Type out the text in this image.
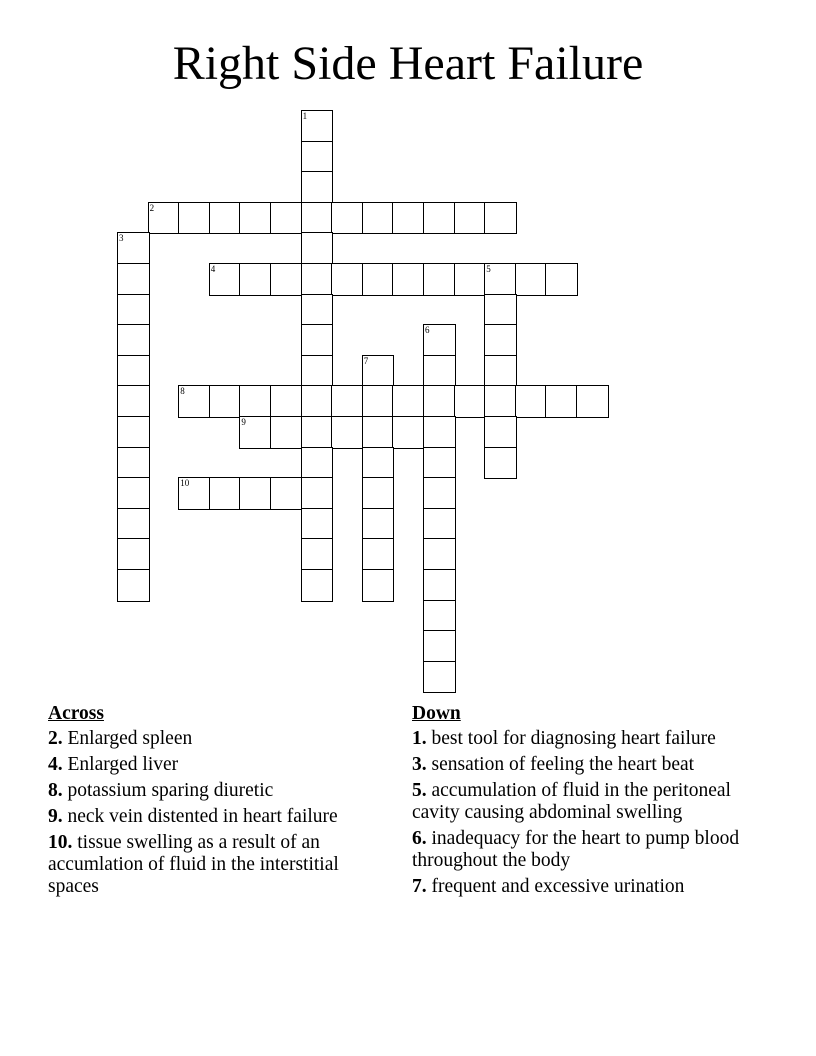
Right Side Heart Failure
1
2
3
4	5
6
7
8
9
10
Across
2. Enlarged spleen
4. Enlarged liver
8. potassium sparing diuretic
9. neck vein distented in heart failure
10. tissue swelling as a result of an accumlation of fluid in the interstitial spaces
Down
1. best tool for diagnosing heart failure
3. sensation of feeling the heart beat
5. accumulation of fluid in the peritoneal cavity causing abdominal swelling
6. inadequacy for the heart to pump blood throughout the body
7. frequent and excessive urination
